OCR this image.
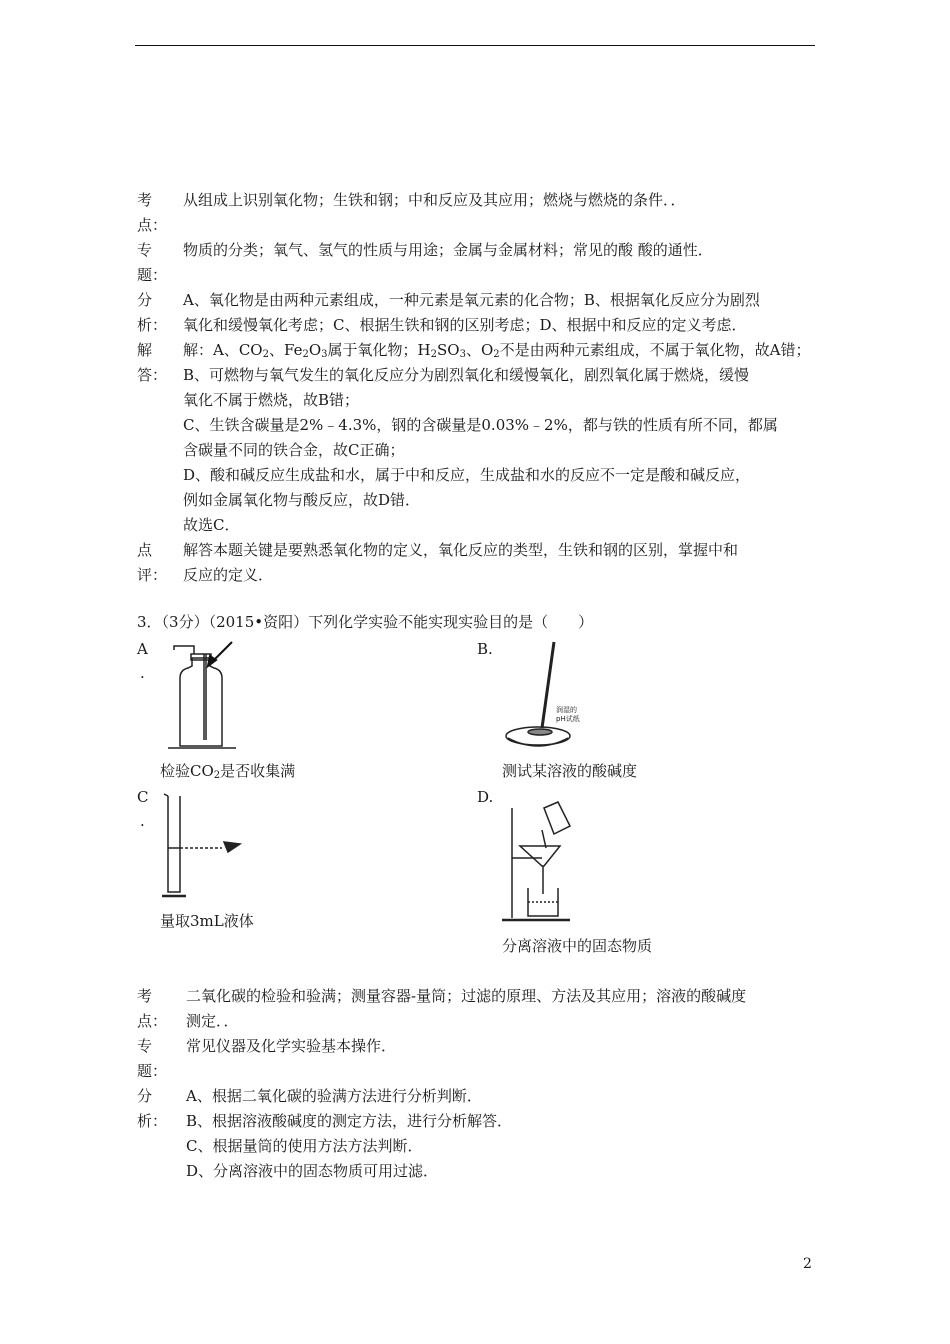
考
点：
从组成上识别氧化物；生铁和钢；中和反应及其应用；燃烧与燃烧的条件．．
专
题：
物质的分类；氧气、氢气的性质与用途；金属与金属材料；常见的酸 酸的通性．
分
析：
A、氧化物是由两种元素组成，一种元素是氧元素的化合物；B、根据氧化反应分为剧烈
氧化和缓慢氧化考虑；C、根据生铁和钢的区别考虑；D、根据中和反应的定义考虑．
解
答：
解：A、$CO_2$、$Fe_2O_3$属于氧化物；$H_2SO_3$、$O_2$不是由两种元素组成，不属于氧化物，故A错；
B、可燃物与氧气发生的氧化反应分为剧烈氧化和缓慢氧化，剧烈氧化属于燃烧，缓慢
氧化不属于燃烧，故B错；
C、生铁含碳量是2%﹣4.3%，钢的含碳量是0.03%﹣2%，都与铁的性质有所不同，都属
含碳量不同的铁合金，故C正确；
D、酸和碱反应生成盐和水，属于中和反应，生成盐和水的反应不一定是酸和碱反应，
例如金属氧化物与酸反应，故D错．
故选C．
点
评：
解答本题关键是要熟悉氧化物的定义，氧化反应的类型，生铁和钢的区别，掌握中和
反应的定义．
3．（3分）（2015•资阳）下列化学实验不能实现实验目的是（　　）
A
.
检验$CO_2$是否收集满
B.
润湿的
pH试纸
测试某溶液的酸碱度
C
.
量取3mL液体
D.
分离溶液中的固态物质
考
点：
二氧化碳的检验和验满；测量容器-量筒；过滤的原理、方法及其应用；溶液的酸碱度
测定．．
专
题：
常见仪器及化学实验基本操作．
分
析：
A、根据二氧化碳的验满方法进行分析判断．
B、根据溶液酸碱度的测定方法，进行分析解答．
C、根据量筒的使用方法方法判断．
D、分离溶液中的固态物质可用过滤．
2
